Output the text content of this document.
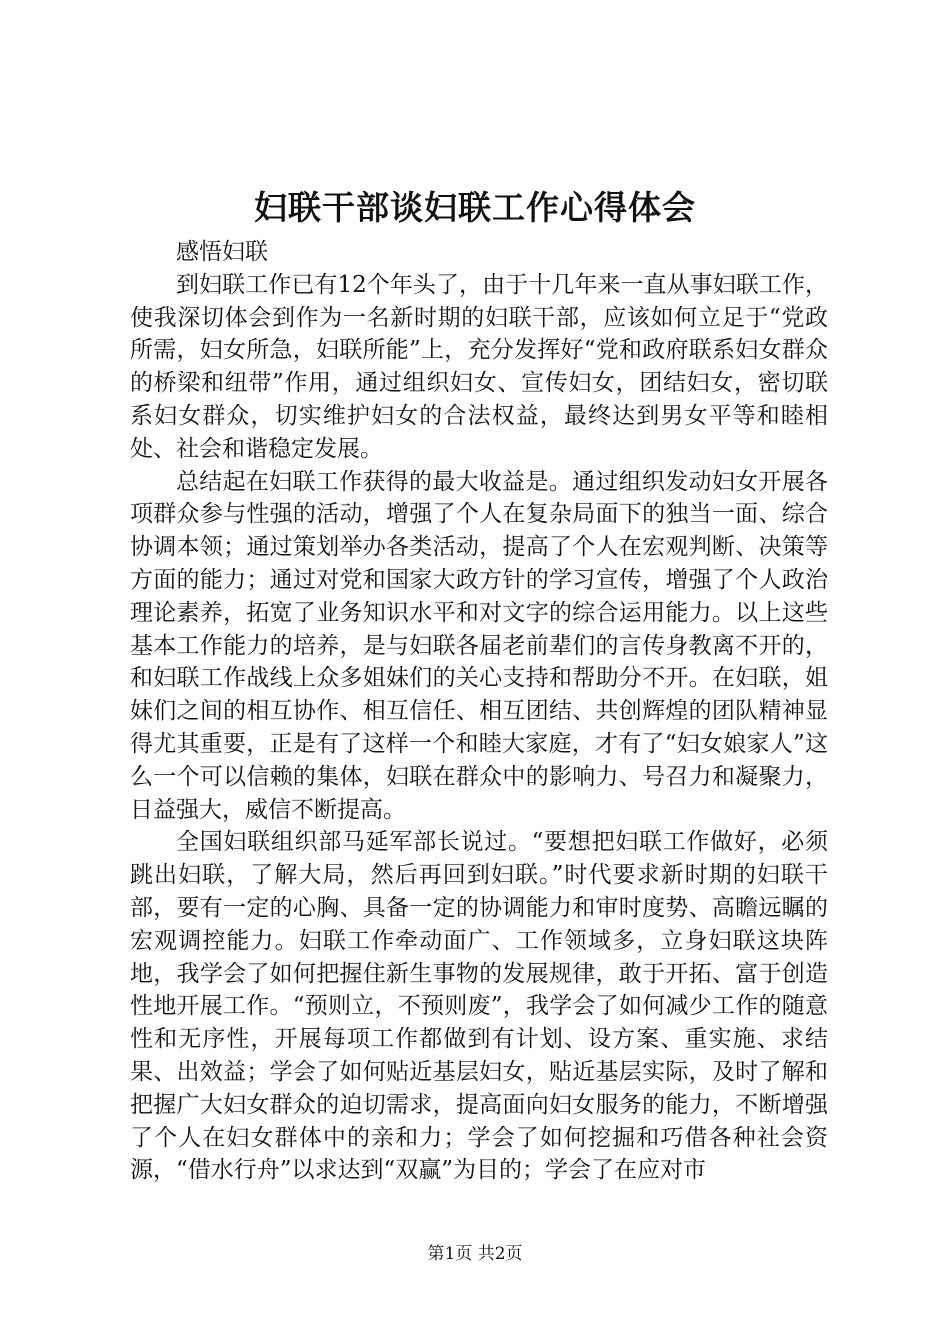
妇联干部谈妇联工作心得体会

感悟妇联

到妇联工作已有12个年头了，由于十几年来一直从事妇联工作，使我深切体会到作为一名新时期的妇联干部，应该如何立足于“党政所需，妇女所急，妇联所能”上，充分发挥好“党和政府联系妇女群众的桥梁和纽带”作用，通过组织妇女、宣传妇女，团结妇女，密切联系妇女群众，切实维护妇女的合法权益，最终达到男女平等和睦相处、社会和谐稳定发展。

总结起在妇联工作获得的最大收益是。通过组织发动妇女开展各项群众参与性强的活动，增强了个人在复杂局面下的独当一面、综合协调本领；通过策划举办各类活动，提高了个人在宏观判断、决策等方面的能力；通过对党和国家大政方针的学习宣传，增强了个人政治理论素养，拓宽了业务知识水平和对文字的综合运用能力。以上这些基本工作能力的培养，是与妇联各届老前辈们的言传身教离不开的，和妇联工作战线上众多姐妹们的关心支持和帮助分不开。在妇联，姐妹们之间的相互协作、相互信任、相互团结、共创辉煌的团队精神显得尤其重要，正是有了这样一个和睦大家庭，才有了“妇女娘家人”这么一个可以信赖的集体，妇联在群众中的影响力、号召力和凝聚力，日益强大，威信不断提高。

全国妇联组织部马延军部长说过。“要想把妇联工作做好，必须跳出妇联，了解大局，然后再回到妇联。”时代要求新时期的妇联干部，要有一定的心胸、具备一定的协调能力和审时度势、高瞻远瞩的宏观调控能力。妇联工作牵动面广、工作领域多，立身妇联这块阵地，我学会了如何把握住新生事物的发展规律，敢于开拓、富于创造性地开展工作。“预则立，不预则废”，我学会了如何减少工作的随意性和无序性，开展每项工作都做到有计划、设方案、重实施、求结果、出效益；学会了如何贴近基层妇女，贴近基层实际，及时了解和把握广大妇女群众的迫切需求，提高面向妇女服务的能力，不断增强了个人在妇女群体中的亲和力；学会了如何挖掘和巧借各种社会资源，“借水行舟”以求达到“双赢”为目的；学会了在应对市

第1页 共2页
